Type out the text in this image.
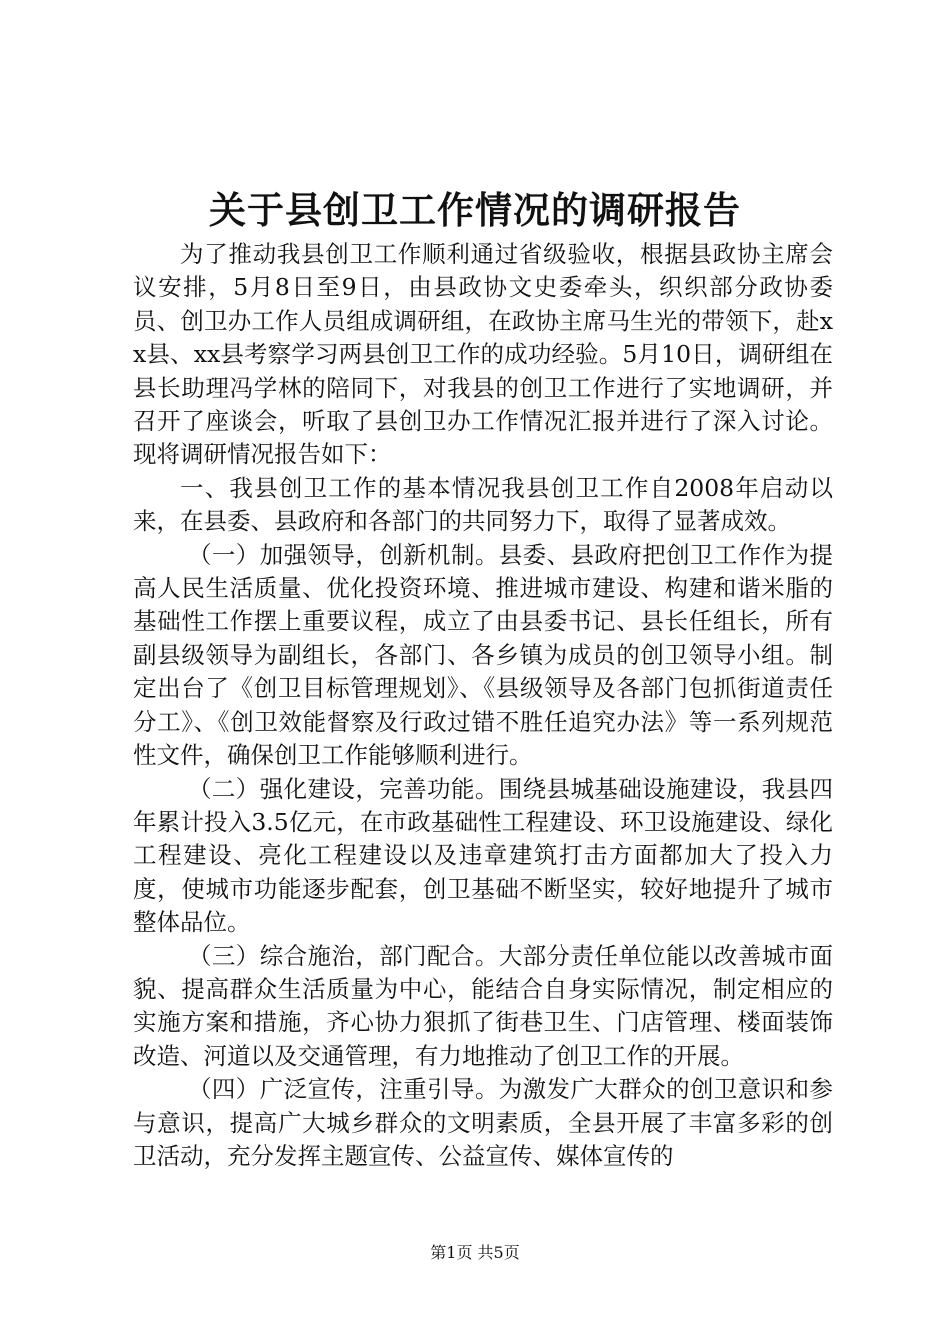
关于县创卫工作情况的调研报告

为了推动我县创卫工作顺利通过省级验收，根据县政协主席会议安排，5月8日至9日，由县政协文史委牵头，织织部分政协委员、创卫办工作人员组成调研组，在政协主席马生光的带领下，赴xx县、xx县考察学习两县创卫工作的成功经验。5月10日，调研组在县长助理冯学林的陪同下，对我县的创卫工作进行了实地调研，并召开了座谈会，听取了县创卫办工作情况汇报并进行了深入讨论。现将调研情况报告如下：

一、我县创卫工作的基本情况我县创卫工作自2008年启动以来，在县委、县政府和各部门的共同努力下，取得了显著成效。

（一）加强领导，创新机制。县委、县政府把创卫工作作为提高人民生活质量、优化投资环境、推进城市建设、构建和谐米脂的基础性工作摆上重要议程，成立了由县委书记、县长任组长，所有副县级领导为副组长，各部门、各乡镇为成员的创卫领导小组。制定出台了《创卫目标管理规划》、《县级领导及各部门包抓街道责任分工》、《创卫效能督察及行政过错不胜任追究办法》等一系列规范性文件，确保创卫工作能够顺利进行。

（二）强化建设，完善功能。围绕县城基础设施建设，我县四年累计投入3.5亿元，在市政基础性工程建设、环卫设施建设、绿化工程建设、亮化工程建设以及违章建筑打击方面都加大了投入力度，使城市功能逐步配套，创卫基础不断坚实，较好地提升了城市整体品位。

（三）综合施治，部门配合。大部分责任单位能以改善城市面貌、提高群众生活质量为中心，能结合自身实际情况，制定相应的实施方案和措施，齐心协力狠抓了街巷卫生、门店管理、楼面装饰改造、河道以及交通管理，有力地推动了创卫工作的开展。

（四）广泛宣传，注重引导。为激发广大群众的创卫意识和参与意识，提高广大城乡群众的文明素质，全县开展了丰富多彩的创卫活动，充分发挥主题宣传、公益宣传、媒体宣传的

第1页 共5页
